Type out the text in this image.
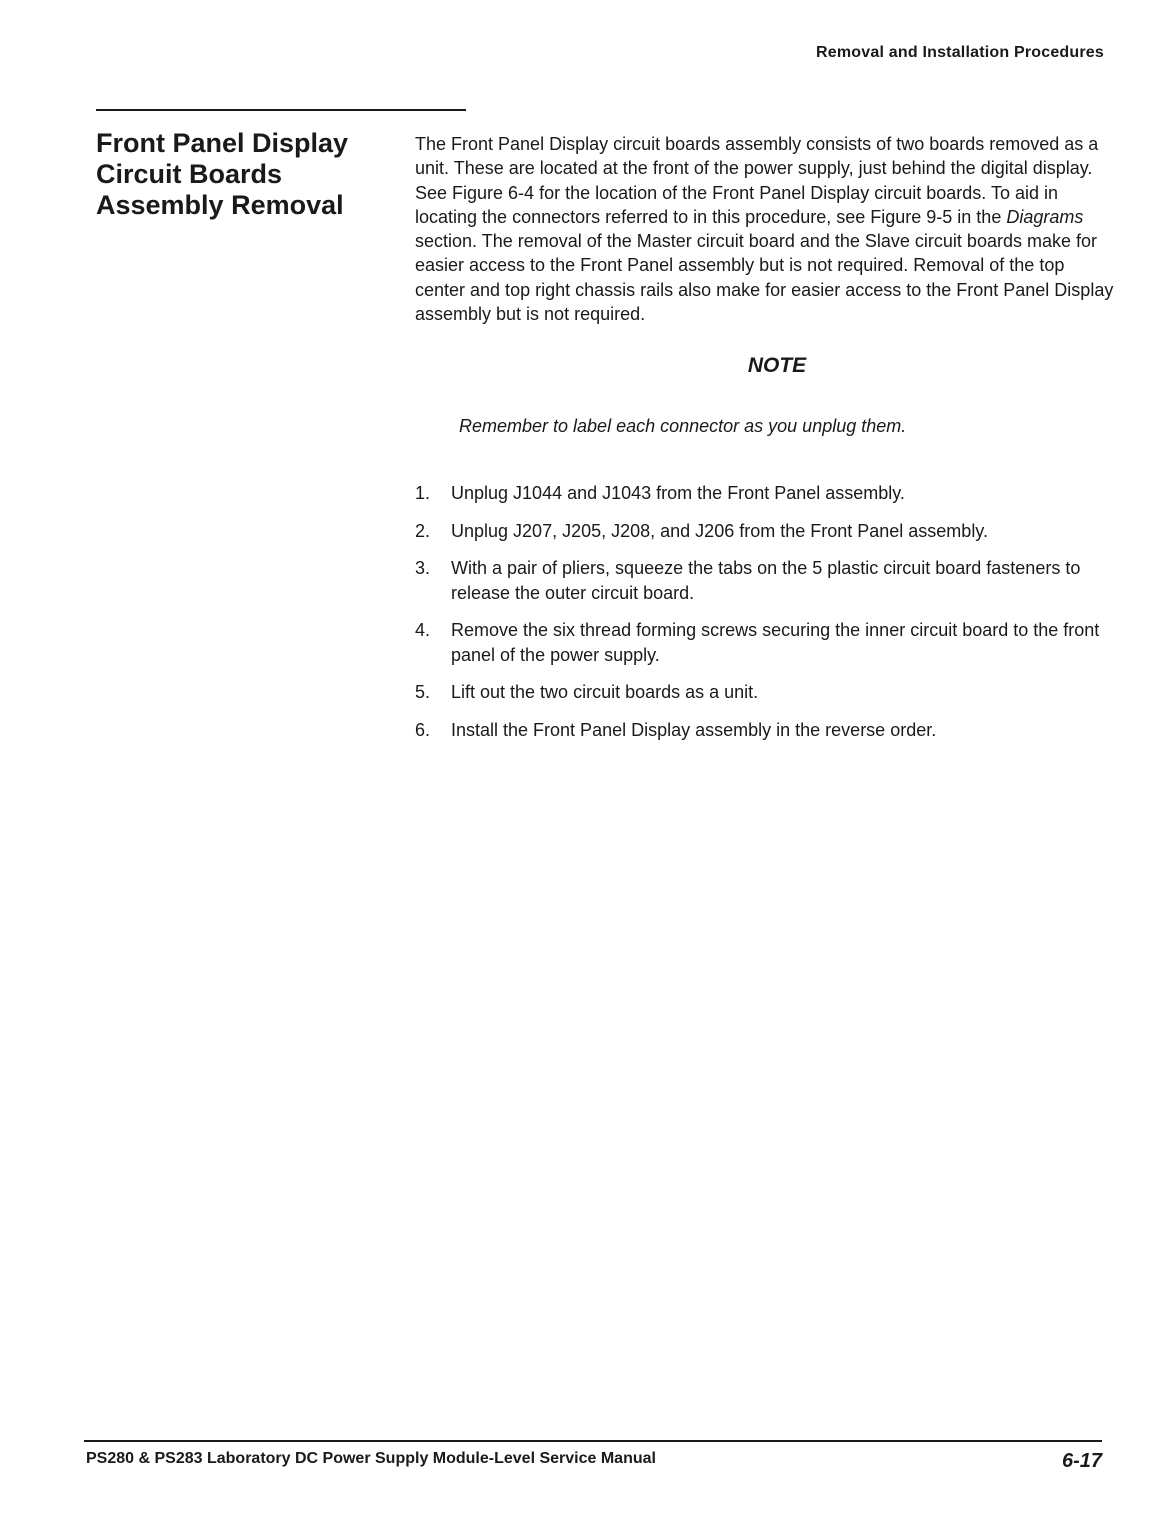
Removal and Installation Procedures

Front Panel Display
Circuit Boards
Assembly Removal

The Front Panel Display circuit boards assembly consists of two boards removed as a unit. These are located at the front of the power supply, just behind the digital display. See Figure 6-4 for the location of the Front Panel Display circuit boards. To aid in locating the connectors referred to in this procedure, see Figure 9-5 in the Diagrams section. The removal of the Master circuit board and the Slave circuit boards make for easier access to the Front Panel assembly but is not required. Removal of the top center and top right chassis rails also make for easier access to the Front Panel Display assembly but is not required.

NOTE

Remember to label each connector as you unplug them.

1.	Unplug J1044 and J1043 from the Front Panel assembly.
2.	Unplug J207, J205, J208, and J206 from the Front Panel assembly.
3.	With a pair of pliers, squeeze the tabs on the 5 plastic circuit board fasteners to release the outer circuit board.
4.	Remove the six thread forming screws securing the inner circuit board to the front panel of the power supply.
5.	Lift out the two circuit boards as a unit.
6.	Install the Front Panel Display assembly in the reverse order.

PS280 & PS283 Laboratory DC Power Supply Module-Level Service Manual	6-17
